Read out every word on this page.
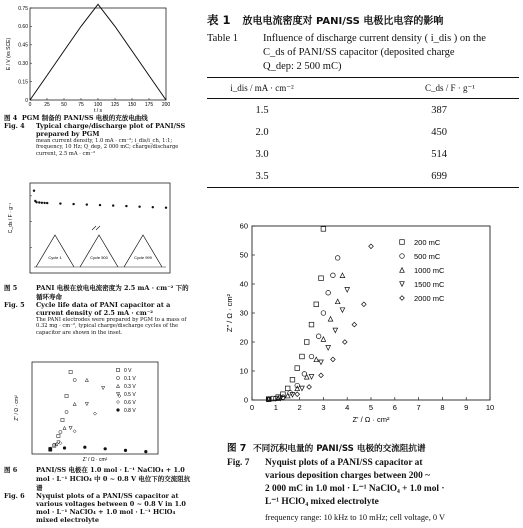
0	25 50 75 100 125 150 175 200
0
0.15
0.30
0.45
0.60
0.75
t / s
E / V (vs SCE)
C_ds / F · g⁻¹
Cycle 1	Cycle 500	Cycle 999
Z' / Ω · cm²
Z" / Ω · cm²
0 V
0.1 V
0.3 V
0.5 V
0.6 V
0.8 V	0	1	2	3	4	5	6	7	8	9 10
0
10
20
30
40
50
60
Z' / Ω · cm²
Z" / Ω · cm²
200 mC
500 mC
1000 mC
1500 mC
2000 mC
图 4 PGM 制备的 PANI/SS 电极的充放电曲线
Fig. 4	Typical charge/discharge plot of PANI/SS prepared by PGM
mean current density, 1.0 mA · cm⁻²; i_dis/i_ch, 1:1; frequency, 10 Hz; Q_dep, 2 000 mC; charge/discharge current, 2.5 mA · cm⁻²
图 5	PANI 电极在放电电流密度为 2.5 mA · cm⁻² 下的循环寿命
Fig. 5	Cycle life data of PANI capacitor at a current density of 2.5 mA · cm⁻²
The PANI electrodes were prepared by PGM to a mass of 0.32 mg · cm⁻², typical charge/discharge cycles of the capacitor are shown in the inset.
图 6	PANI/SS 电极在 1.0 mol · L⁻¹ NaClO₄ + 1.0 mol · L⁻¹ HClO₄ 中 0 ~ 0.8 V 电位下的交流阻抗谱
Fig. 6	Nyquist plots of a PANI/SS capacitor at various voltages between 0 ~ 0.8 V in 1.0 mol · L⁻¹ NaClO₄ + 1.0 mol · L⁻¹ HClO₄ mixed electrolyte
表 1 放电电流密度对 PANI/SS 电极比电容的影响
Table 1	Influence of discharge current density ( i_dis ) on the
C_ds of PANI/SS capacitor (deposited charge
Q_dep: 2 500 mC)
i_dis / mA · cm⁻²	C_ds / F · g⁻¹
1.5	387
2.0	450
3.0	514
3.5	699
图 7 不同沉积电量的 PANI/SS 电极的交流阻抗谱
Fig. 7	Nyquist plots of a PANI/SS capacitor at
various deposition charges between 200 ~
2 000 mC in 1.0 mol · L⁻¹ NaClO₄ + 1.0 mol ·
L⁻¹ HClO₄ mixed electrolyte
frequency range: 10 kHz to 10 mHz; cell voltage, 0 V
